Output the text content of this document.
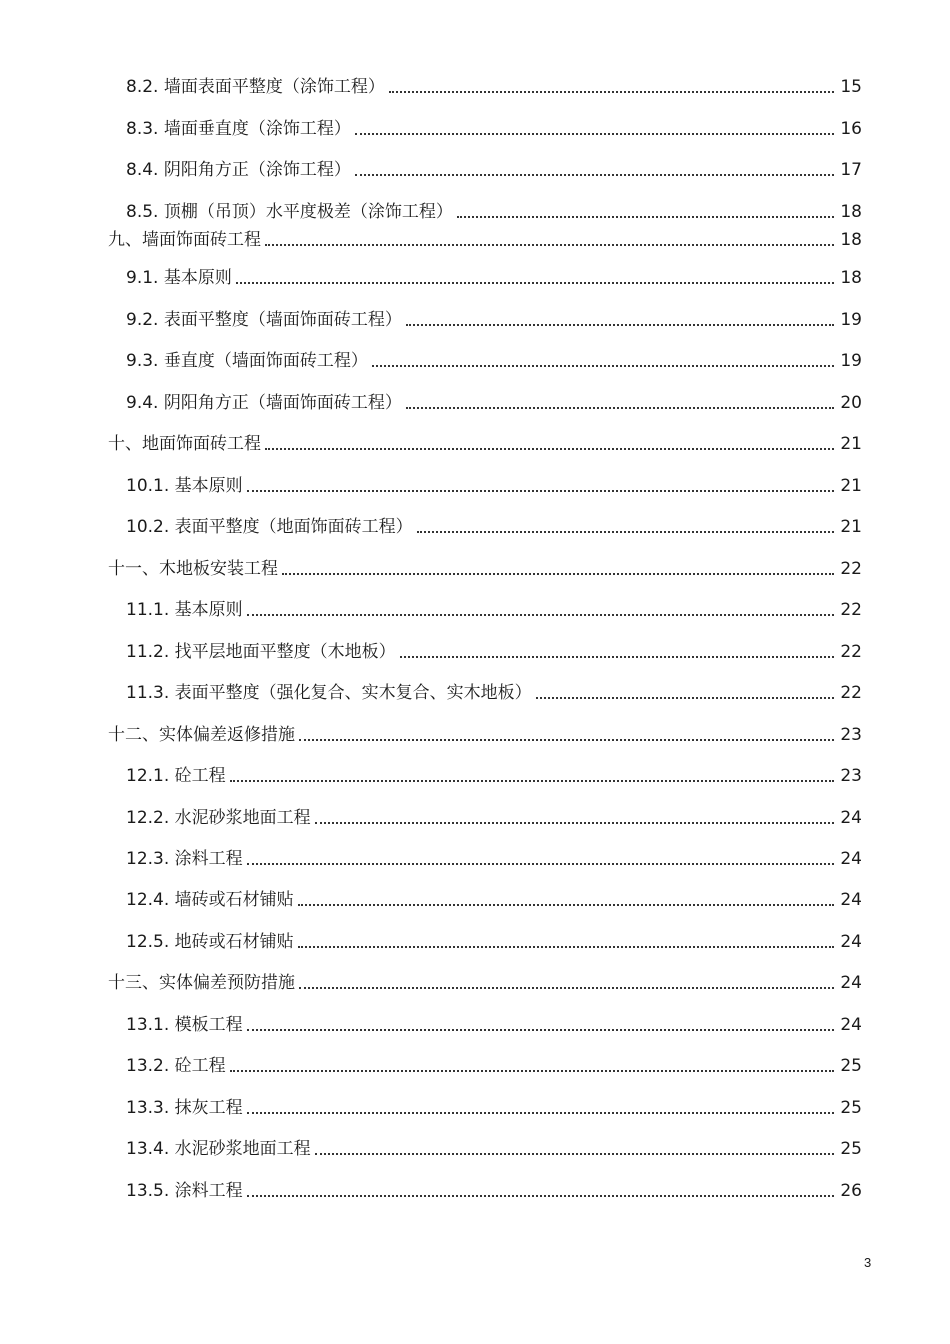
8.2. 墙面表面平整度（涂饰工程）	15
8.3. 墙面垂直度（涂饰工程）	16
8.4. 阴阳角方正（涂饰工程）	17
8.5. 顶棚（吊顶）水平度极差（涂饰工程）	18
九、墙面饰面砖工程	18
9.1. 基本原则	18
9.2. 表面平整度（墙面饰面砖工程）	19
9.3. 垂直度（墙面饰面砖工程）	19
9.4. 阴阳角方正（墙面饰面砖工程）	20
十、地面饰面砖工程	21
10.1. 基本原则	21
10.2. 表面平整度（地面饰面砖工程）	21
十一、木地板安装工程	22
11.1. 基本原则	22
11.2. 找平层地面平整度（木地板）	22
11.3. 表面平整度（强化复合、实木复合、实木地板）	22
十二、实体偏差返修措施	23
12.1. 砼工程	23
12.2. 水泥砂浆地面工程	24
12.3. 涂料工程	24
12.4. 墙砖或石材铺贴	24
12.5. 地砖或石材铺贴	24
十三、实体偏差预防措施	24
13.1. 模板工程	24
13.2. 砼工程	25
13.3. 抹灰工程	25
13.4. 水泥砂浆地面工程	25
13.5. 涂料工程	26
3
